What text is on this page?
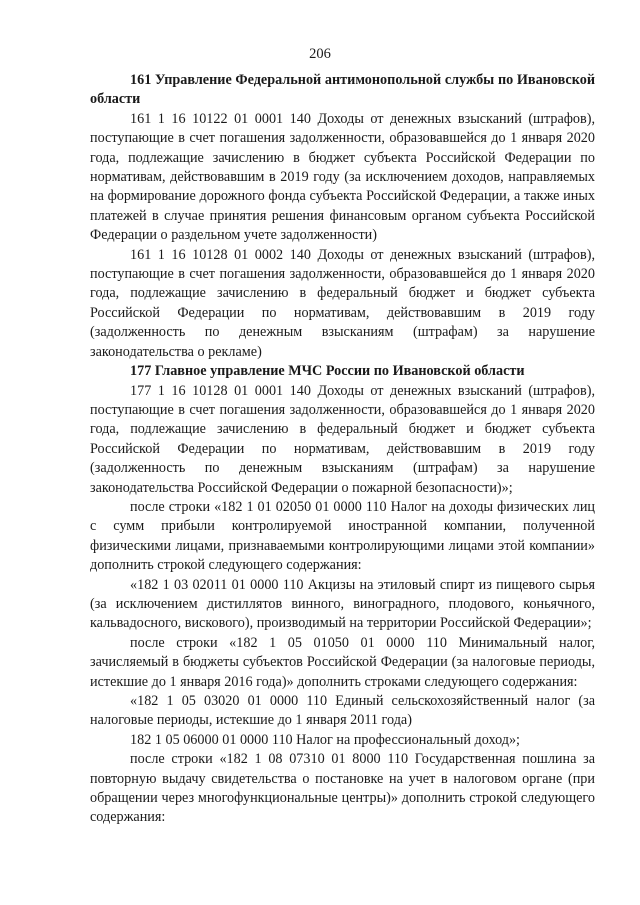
206

161 Управление Федеральной антимонопольной службы по Ивановской области

161 1 16 10122 01 0001 140 Доходы от денежных взысканий (штрафов), поступающие в счет погашения задолженности, образовавшейся до 1 января 2020 года, подлежащие зачислению в бюджет субъекта Российской Федерации по нормативам, действовавшим в 2019 году (за исключением доходов, направляемых на формирование дорожного фонда субъекта Российской Федерации, а также иных платежей в случае принятия решения финансовым органом субъекта Российской Федерации о раздельном учете задолженности)

161 1 16 10128 01 0002 140 Доходы от денежных взысканий (штрафов), поступающие в счет погашения задолженности, образовавшейся до 1 января 2020 года, подлежащие зачислению в федеральный бюджет и бюджет субъекта Российской Федерации по нормативам, действовавшим в 2019 году (задолженность по денежным взысканиям (штрафам) за нарушение законодательства о рекламе)

177 Главное управление МЧС России по Ивановской области

177 1 16 10128 01 0001 140 Доходы от денежных взысканий (штрафов), поступающие в счет погашения задолженности, образовавшейся до 1 января 2020 года, подлежащие зачислению в федеральный бюджет и бюджет субъекта Российской Федерации по нормативам, действовавшим в 2019 году (задолженность по денежным взысканиям (штрафам) за нарушение законодательства Российской Федерации о пожарной безопасности)»;

после строки «182 1 01 02050 01 0000 110 Налог на доходы физических лиц с сумм прибыли контролируемой иностранной компании, полученной физическими лицами, признаваемыми контролирующими лицами этой компании» дополнить строкой следующего содержания:

«182 1 03 02011 01 0000 110 Акцизы на этиловый спирт из пищевого сырья (за исключением дистиллятов винного, виноградного, плодового, коньячного, кальвадосного, вискового), производимый на территории Российской Федерации»;

после строки «182 1 05 01050 01 0000 110 Минимальный налог, зачисляемый в бюджеты субъектов Российской Федерации (за налоговые периоды, истекшие до 1 января 2016 года)» дополнить строками следующего содержания:

«182 1 05 03020 01 0000 110 Единый сельскохозяйственный налог (за налоговые периоды, истекшие до 1 января 2011 года)

182 1 05 06000 01 0000 110 Налог на профессиональный доход»;

после строки «182 1 08 07310 01 8000 110 Государственная пошлина за повторную выдачу свидетельства о постановке на учет в налоговом органе (при обращении через многофункциональные центры)» дополнить строкой следующего содержания:
